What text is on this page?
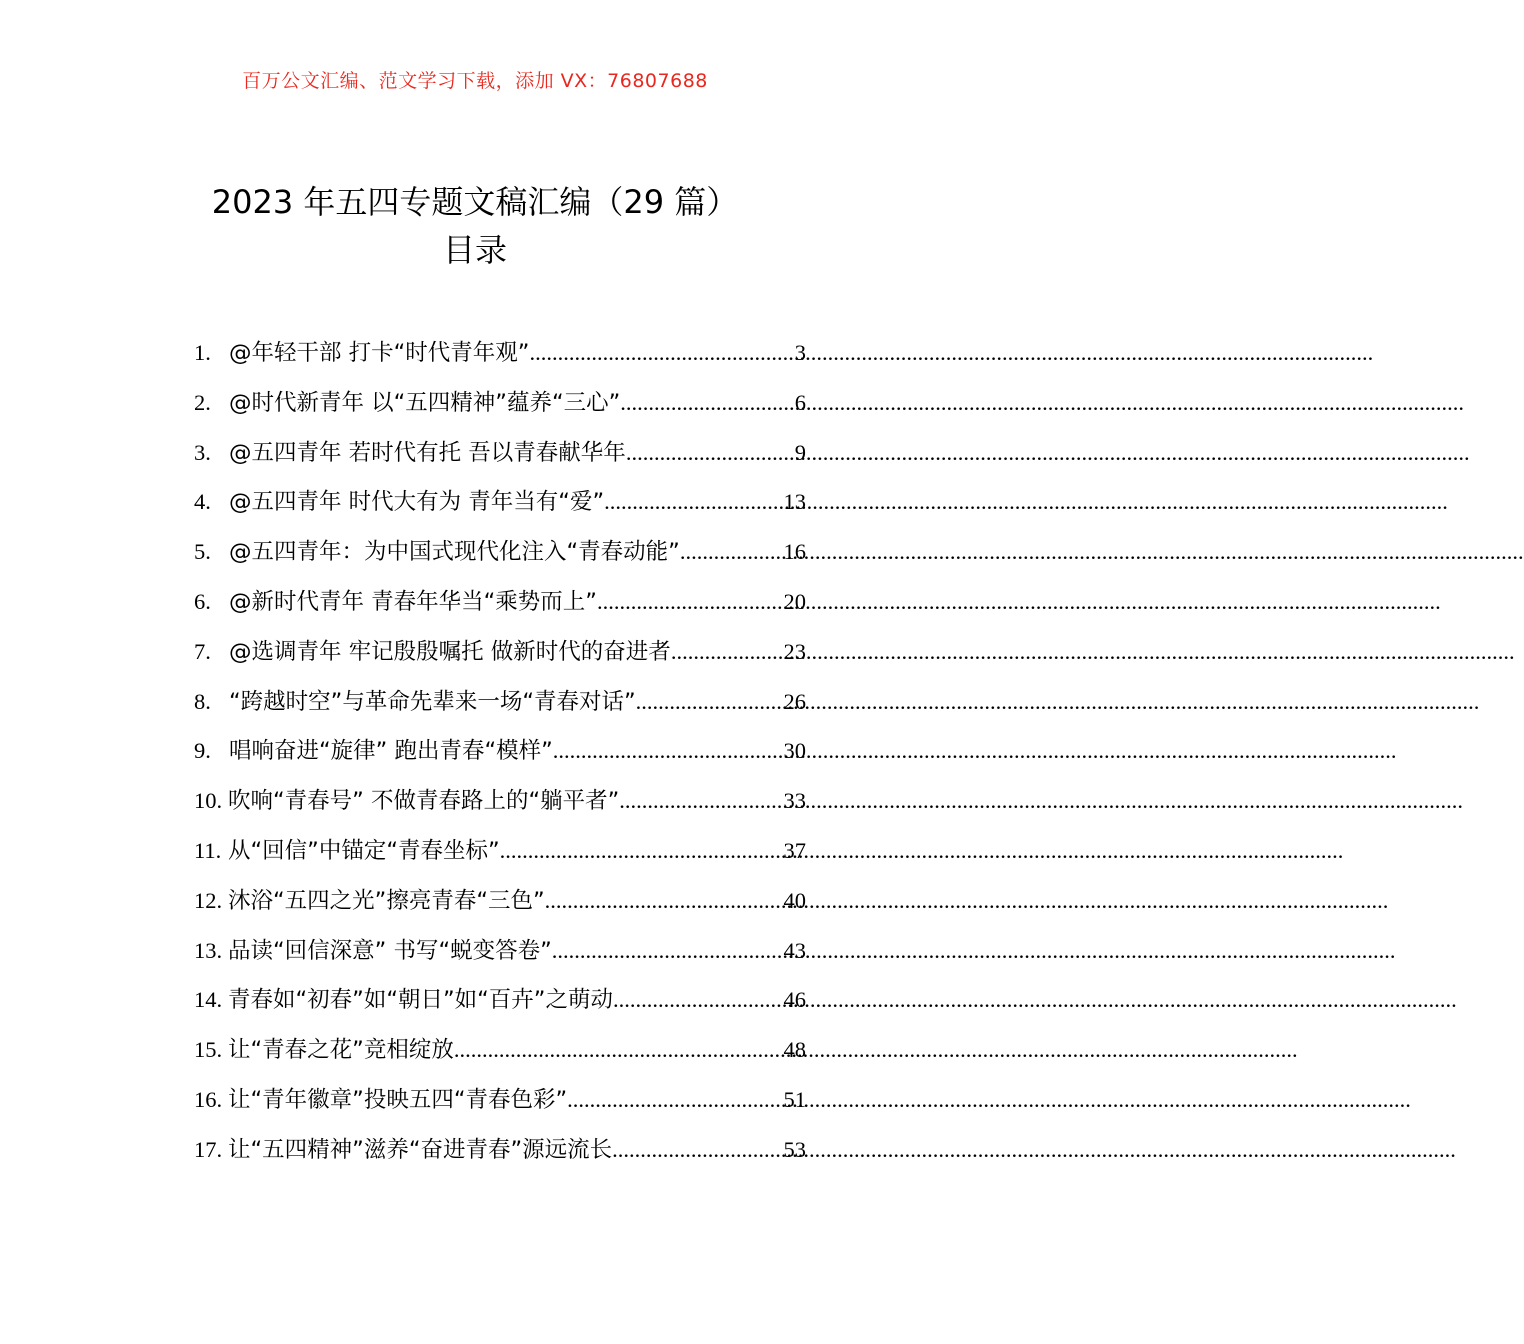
百万公文汇编、范文学习下载，添加 VX：76807688
2023 年五四专题文稿汇编（29 篇）
目录
1. @年轻干部 打卡“时代青年观” .....	3
2. @时代新青年 以“五四精神”蕴养“三心” .....	6
3. @五四青年 若时代有托 吾以青春献华年 .....	9
4. @五四青年 时代大有为 青年当有“爱” .....	13
5. @五四青年：为中国式现代化注入“青春动能” .....	16
6. @新时代青年 青春年华当“乘势而上” .....	20
7. @选调青年 牢记殷殷嘱托 做新时代的奋进者 .....	23
8. “跨越时空”与革命先辈来一场“青春对话” .....	26
9. 唱响奋进“旋律” 跑出青春“模样” .....	30
10. 吹响“青春号” 不做青春路上的“躺平者” .....	33
11. 从“回信”中锚定“青春坐标” .....	37
12. 沐浴“五四之光”擦亮青春“三色” .....	40
13. 品读“回信深意” 书写“蜕变答卷” .....	43
14. 青春如“初春”如“朝日”如“百卉”之萌动 .....	46
15. 让“青春之花”竞相绽放 .....	48
16. 让“青年徽章”投映五四“青春色彩” .....	51
17. 让“五四精神”滋养“奋进青春”源远流长 .....	53
